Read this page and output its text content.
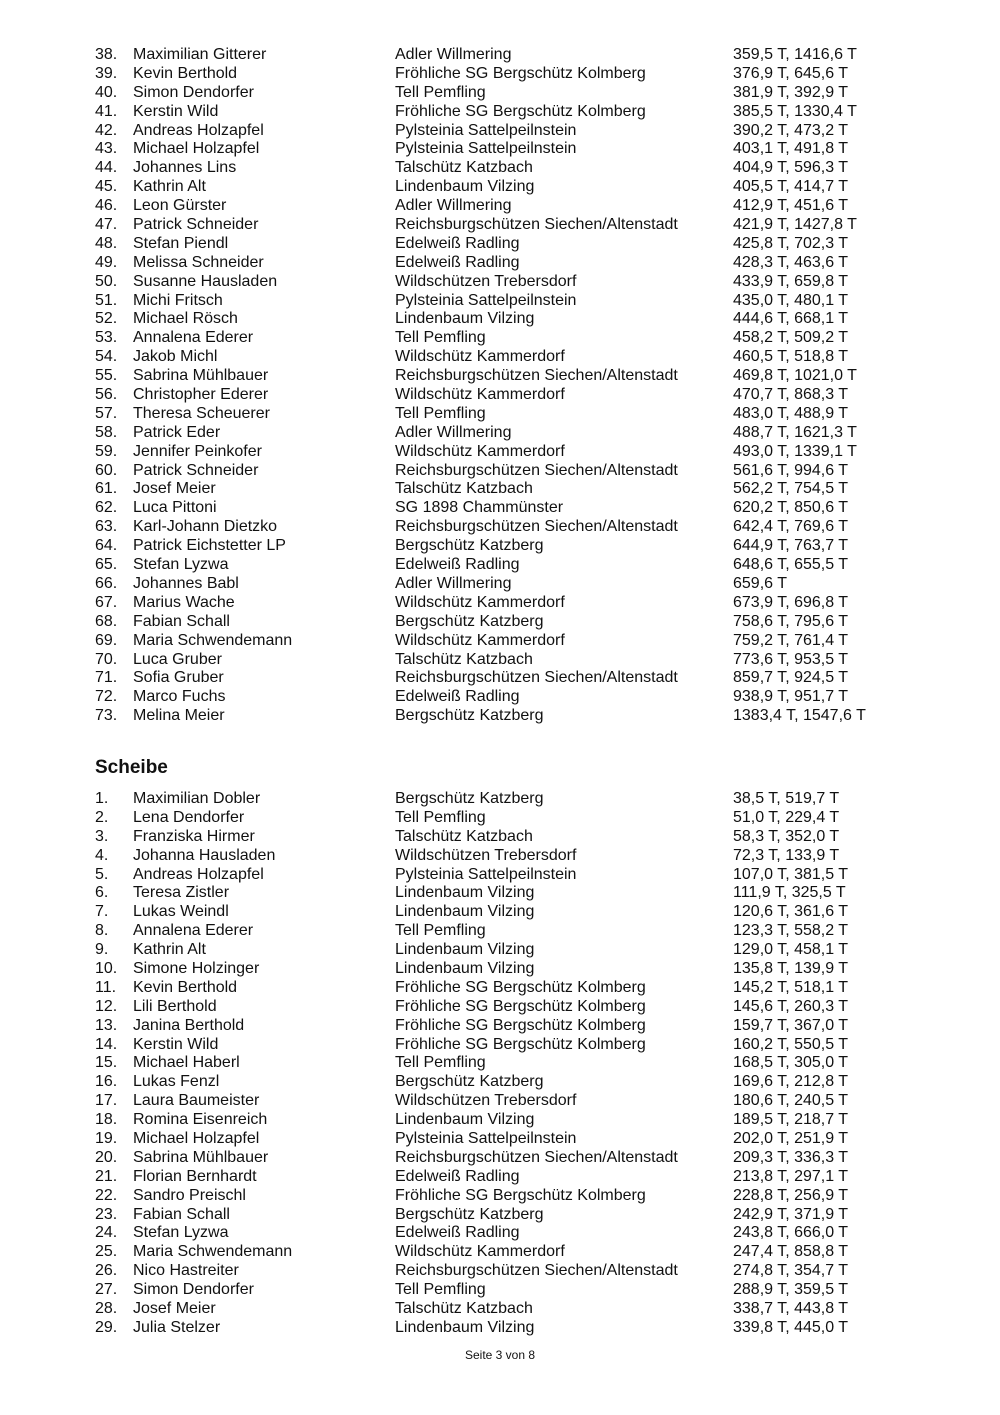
38. Maximilian Gitterer	Adler Willmering	359,5 T, 1416,6 T
39. Kevin Berthold	Fröhliche SG Bergschütz Kolmberg	376,9 T, 645,6 T
40. Simon Dendorfer	Tell Pemfling	381,9 T, 392,9 T
41. Kerstin Wild	Fröhliche SG Bergschütz Kolmberg	385,5 T, 1330,4 T
42. Andreas Holzapfel	Pylsteinia Sattelpeilnstein	390,2 T, 473,2 T
43. Michael Holzapfel	Pylsteinia Sattelpeilnstein	403,1 T, 491,8 T
44. Johannes Lins	Talschütz Katzbach	404,9 T, 596,3 T
45. Kathrin Alt	Lindenbaum Vilzing	405,5 T, 414,7 T
46. Leon Gürster	Adler Willmering	412,9 T, 451,6 T
47. Patrick Schneider	Reichsburgschützen Siechen/Altenstadt	421,9 T, 1427,8 T
48. Stefan Piendl	Edelweiß Radling	425,8 T, 702,3 T
49. Melissa Schneider	Edelweiß Radling	428,3 T, 463,6 T
50. Susanne Hausladen	Wildschützen Trebersdorf	433,9 T, 659,8 T
51. Michi Fritsch	Pylsteinia Sattelpeilnstein	435,0 T, 480,1 T
52. Michael Rösch	Lindenbaum Vilzing	444,6 T, 668,1 T
53. Annalena Ederer	Tell Pemfling	458,2 T, 509,2 T
54. Jakob Michl	Wildschütz Kammerdorf	460,5 T, 518,8 T
55. Sabrina Mühlbauer	Reichsburgschützen Siechen/Altenstadt	469,8 T, 1021,0 T
56. Christopher Ederer	Wildschütz Kammerdorf	470,7 T, 868,3 T
57. Theresa Scheuerer	Tell Pemfling	483,0 T, 488,9 T
58. Patrick Eder	Adler Willmering	488,7 T, 1621,3 T
59. Jennifer Peinkofer	Wildschütz Kammerdorf	493,0 T, 1339,1 T
60. Patrick Schneider	Reichsburgschützen Siechen/Altenstadt	561,6 T, 994,6 T
61. Josef Meier	Talschütz Katzbach	562,2 T, 754,5 T
62. Luca Pittoni	SG 1898 Chammünster	620,2 T, 850,6 T
63. Karl-Johann Dietzko	Reichsburgschützen Siechen/Altenstadt	642,4 T, 769,6 T
64. Patrick Eichstetter LP	Bergschütz Katzberg	644,9 T, 763,7 T
65. Stefan Lyzwa	Edelweiß Radling	648,6 T, 655,5 T
66. Johannes Babl	Adler Willmering	659,6 T
67. Marius Wache	Wildschütz Kammerdorf	673,9 T, 696,8 T
68. Fabian Schall	Bergschütz Katzberg	758,6 T, 795,6 T
69. Maria Schwendemann	Wildschütz Kammerdorf	759,2 T, 761,4 T
70. Luca Gruber	Talschütz Katzbach	773,6 T, 953,5 T
71. Sofia Gruber	Reichsburgschützen Siechen/Altenstadt	859,7 T, 924,5 T
72. Marco Fuchs	Edelweiß Radling	938,9 T, 951,7 T
73. Melina Meier	Bergschütz Katzberg	1383,4 T, 1547,6 T
Scheibe
1. Maximilian Dobler	Bergschütz Katzberg	38,5 T, 519,7 T
2. Lena Dendorfer	Tell Pemfling	51,0 T, 229,4 T
3. Franziska Hirmer	Talschütz Katzbach	58,3 T, 352,0 T
4. Johanna Hausladen	Wildschützen Trebersdorf	72,3 T, 133,9 T
5. Andreas Holzapfel	Pylsteinia Sattelpeilnstein	107,0 T, 381,5 T
6. Teresa Zistler	Lindenbaum Vilzing	111,9 T, 325,5 T
7. Lukas Weindl	Lindenbaum Vilzing	120,6 T, 361,6 T
8. Annalena Ederer	Tell Pemfling	123,3 T, 558,2 T
9. Kathrin Alt	Lindenbaum Vilzing	129,0 T, 458,1 T
10. Simone Holzinger	Lindenbaum Vilzing	135,8 T, 139,9 T
11. Kevin Berthold	Fröhliche SG Bergschütz Kolmberg	145,2 T, 518,1 T
12. Lili Berthold	Fröhliche SG Bergschütz Kolmberg	145,6 T, 260,3 T
13. Janina Berthold	Fröhliche SG Bergschütz Kolmberg	159,7 T, 367,0 T
14. Kerstin Wild	Fröhliche SG Bergschütz Kolmberg	160,2 T, 550,5 T
15. Michael Haberl	Tell Pemfling	168,5 T, 305,0 T
16. Lukas Fenzl	Bergschütz Katzberg	169,6 T, 212,8 T
17. Laura Baumeister	Wildschützen Trebersdorf	180,6 T, 240,5 T
18. Romina Eisenreich	Lindenbaum Vilzing	189,5 T, 218,7 T
19. Michael Holzapfel	Pylsteinia Sattelpeilnstein	202,0 T, 251,9 T
20. Sabrina Mühlbauer	Reichsburgschützen Siechen/Altenstadt	209,3 T, 336,3 T
21. Florian Bernhardt	Edelweiß Radling	213,8 T, 297,1 T
22. Sandro Preischl	Fröhliche SG Bergschütz Kolmberg	228,8 T, 256,9 T
23. Fabian Schall	Bergschütz Katzberg	242,9 T, 371,9 T
24. Stefan Lyzwa	Edelweiß Radling	243,8 T, 666,0 T
25. Maria Schwendemann	Wildschütz Kammerdorf	247,4 T, 858,8 T
26. Nico Hastreiter	Reichsburgschützen Siechen/Altenstadt	274,8 T, 354,7 T
27. Simon Dendorfer	Tell Pemfling	288,9 T, 359,5 T
28. Josef Meier	Talschütz Katzbach	338,7 T, 443,8 T
29. Julia Stelzer	Lindenbaum Vilzing	339,8 T, 445,0 T
Seite 3 von 8
